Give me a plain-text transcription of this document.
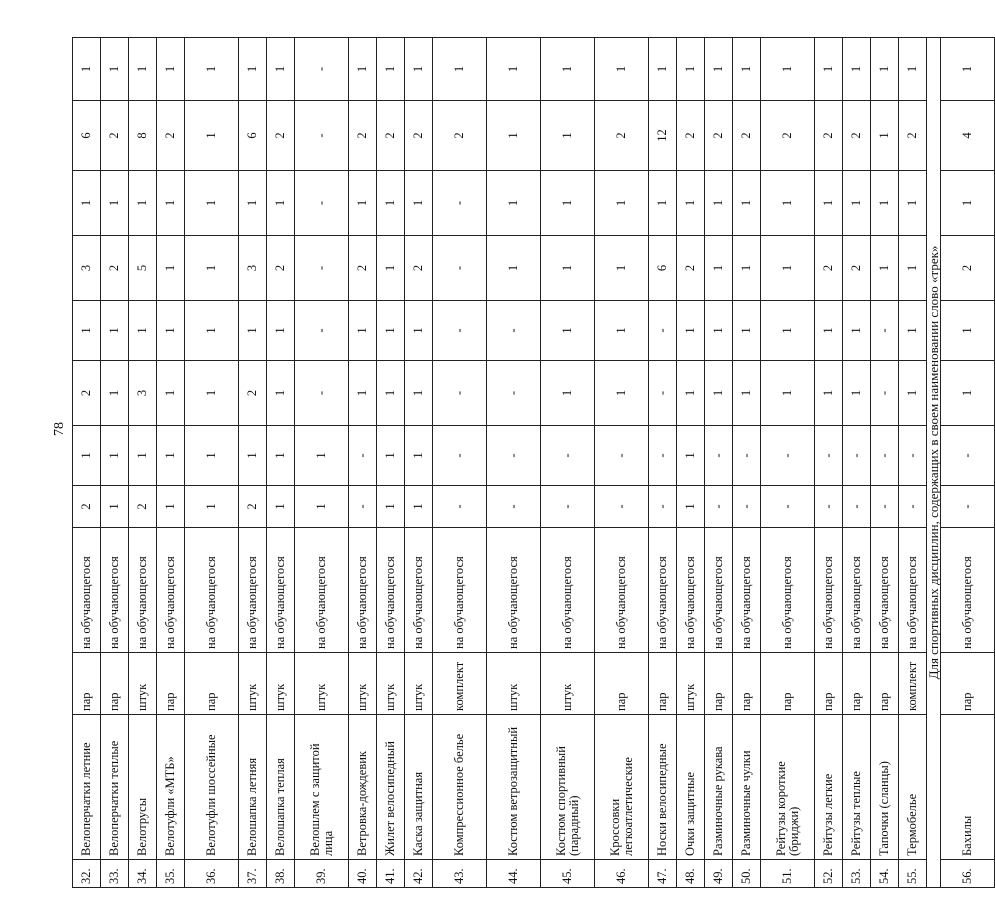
78
32.	Велоперчатки летние	пар	на обучающегося	2	1	2	1	3	1	6	1
33.	Велоперчатки теплые	пар	на обучающегося	1	1	1	1	2	1	2	1
34.	Велотрусы	штук	на обучающегося	2	1	3	1	5	1	8	1
35.	Велотуфли «МТБ»	пар	на обучающегося	1	1	1	1	1	1	2	1
36.	Велотуфли шоссейные	пар	на обучающегося	1	1	1	1	1	1	1	1
37.	Велошапка летняя	штук	на обучающегося	2	1	2	1	3	1	6	1
38.	Велошапка теплая	штук	на обучающегося	1	1	1	1	2	1	2	1
39.	Велошлем с защитой лица	штук	на обучающегося	1	1	-	-	-	-	-	-
40.	Ветровка-дождевик	штук	на обучающегося	-	-	1	1	2	1	2	1
41.	Жилет велосипедный	штук	на обучающегося	1	1	1	1	1	1	2	1
42.	Каска защитная	штук	на обучающегося	1	1	1	1	2	1	2	1
43.	Компрессионное белье	комплект	на обучающегося	-	-	-	-	-	-	2	1
44.	Костюм ветрозащитный	штук	на обучающегося	-	-	-	-	1	1	1	1
45.	Костюм спортивный (парадный)	штук	на обучающегося	-	-	1	1	1	1	1	1
46.	Кроссовки легкоатлетические	пар	на обучающегося	-	-	1	1	1	1	2	1
47.	Носки велосипедные	пар	на обучающегося	-	-	-	-	6	1	12	1
48.	Очки защитные	штук	на обучающегося	1	1	1	1	2	1	2	1
49.	Разминочные рукава	пар	на обучающегося	-	-	1	1	1	1	2	1
50.	Разминочные чулки	пар	на обучающегося	-	-	1	1	1	1	2	1
51.	Рейтузы короткие (бриджи)	пар	на обучающегося	-	-	1	1	1	1	2	1
52.	Рейтузы легкие	пар	на обучающегося	-	-	1	1	2	1	2	1
53.	Рейтузы теплые	пар	на обучающегося	-	-	1	1	2	1	2	1
54.	Тапочки (сланцы)	пар	на обучающегося	-	-	-	-	1	1	1	1
55.	Термобелье	комплект	на обучающегося	-	-	1	1	1	1	2	1
Для спортивных дисциплин, содержащих в своем наименовании слово «трек»											
56.	Бахилы	пар	на обучающегося	-	-	1	1	2	1	4	1
